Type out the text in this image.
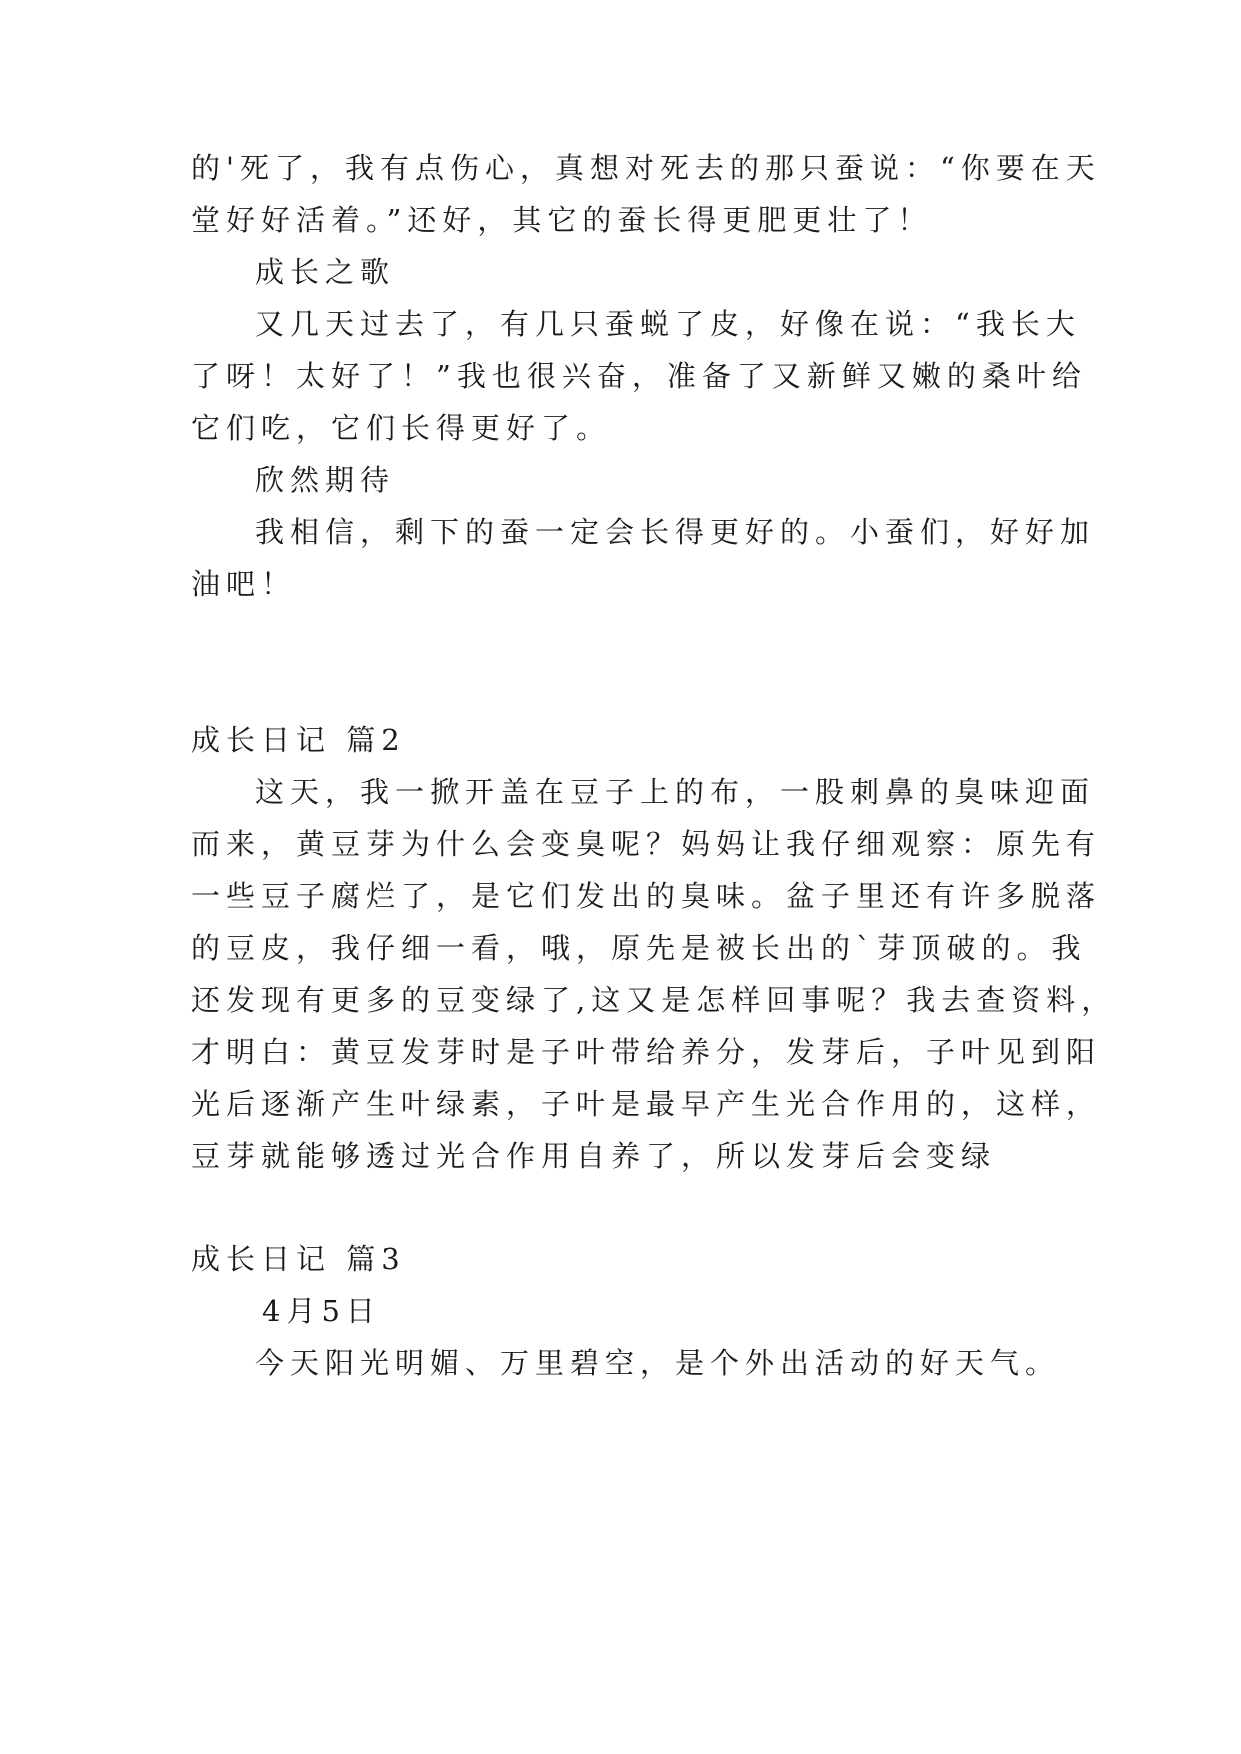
的'死了，我有点伤心，真想对死去的那只蚕说：“你要在天
堂好好活着。”还好，其它的蚕长得更肥更壮了！
成长之歌
又几天过去了，有几只蚕蜕了皮，好像在说：“我长大
了呀！太好了！”我也很兴奋，准备了又新鲜又嫩的桑叶给
它们吃，它们长得更好了。
欣然期待
我相信，剩下的蚕一定会长得更好的。小蚕们，好好加
油吧！
成长日记 篇2
这天，我一掀开盖在豆子上的布，一股刺鼻的臭味迎面
而来，黄豆芽为什么会变臭呢？妈妈让我仔细观察：原先有
一些豆子腐烂了，是它们发出的臭味。盆子里还有许多脱落
的豆皮，我仔细一看，哦，原先是被长出的`芽顶破的。我
还发现有更多的豆变绿了,这又是怎样回事呢？我去查资料，
才明白：黄豆发芽时是子叶带给养分，发芽后，子叶见到阳
光后逐渐产生叶绿素，子叶是最早产生光合作用的，这样，
豆芽就能够透过光合作用自养了，所以发芽后会变绿
成长日记 篇3
4月5日
今天阳光明媚、万里碧空，是个外出活动的好天气。
